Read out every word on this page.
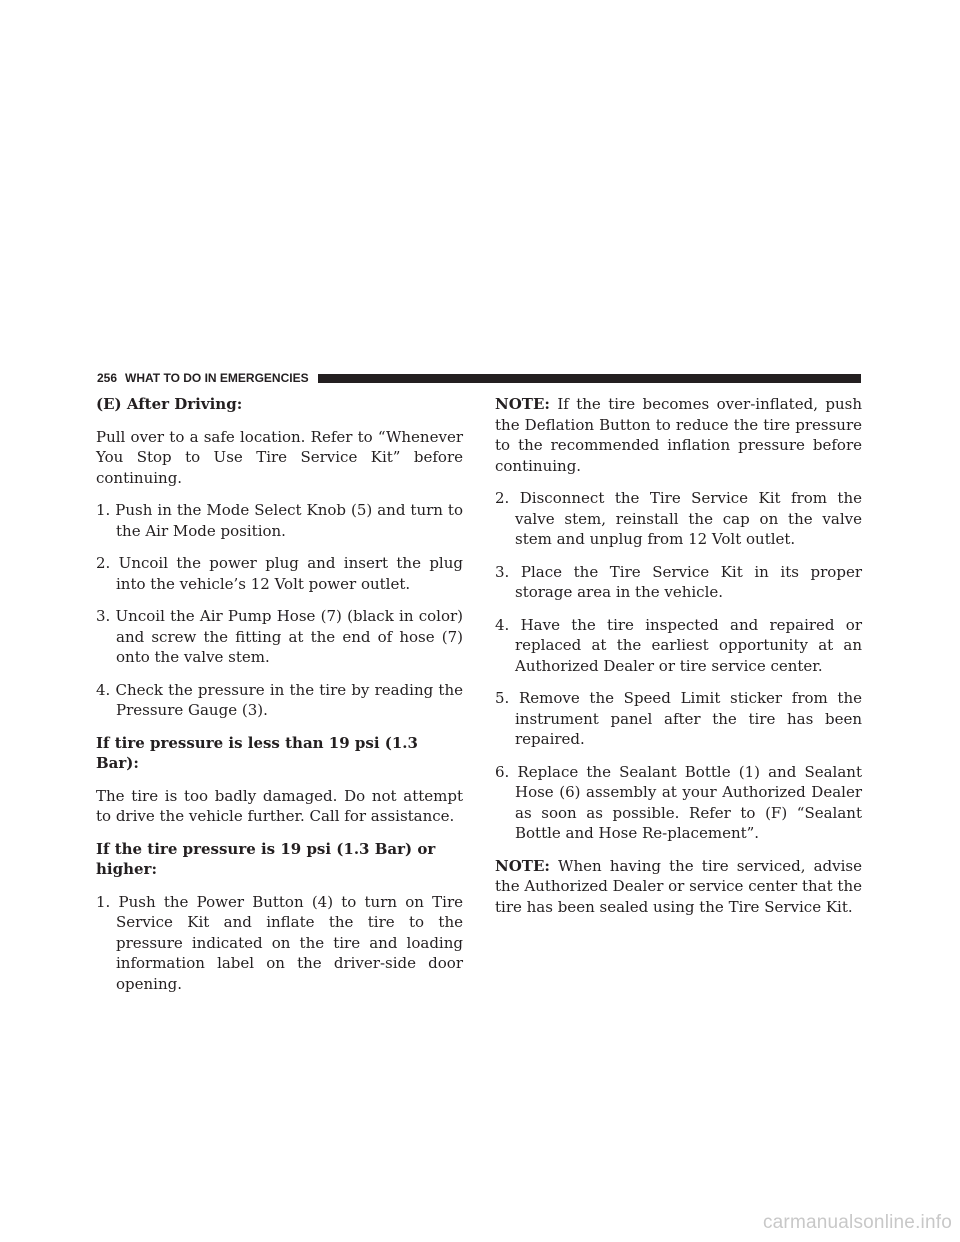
256 WHAT TO DO IN EMERGENCIES

(E) After Driving:

Pull over to a safe location. Refer to “Whenever You Stop to Use Tire Service Kit” before continuing.

1. Push in the Mode Select Knob (5) and turn to the Air Mode position.
2. Uncoil the power plug and insert the plug into the vehicle’s 12 Volt power outlet.
3. Uncoil the Air Pump Hose (7) (black in color) and screw the fitting at the end of hose (7) onto the valve stem.
4. Check the pressure in the tire by reading the Pressure Gauge (3).

If tire pressure is less than 19 psi (1.3 Bar):

The tire is too badly damaged. Do not attempt to drive the vehicle further. Call for assistance.

If the tire pressure is 19 psi (1.3 Bar) or higher:

1. Push the Power Button (4) to turn on Tire Service Kit and inflate the tire to the pressure indicated on the tire and loading information label on the driver-side door opening.

NOTE: If the tire becomes over-inflated, push the Deflation Button to reduce the tire pressure to the recommended inflation pressure before continuing.

2. Disconnect the Tire Service Kit from the valve stem, reinstall the cap on the valve stem and unplug from 12 Volt outlet.
3. Place the Tire Service Kit in its proper storage area in the vehicle.
4. Have the tire inspected and repaired or replaced at the earliest opportunity at an Authorized Dealer or tire service center.
5. Remove the Speed Limit sticker from the instrument panel after the tire has been repaired.
6. Replace the Sealant Bottle (1) and Sealant Hose (6) assembly at your Authorized Dealer as soon as possible. Refer to (F) “Sealant Bottle and Hose Re-placement”.

NOTE: When having the tire serviced, advise the Authorized Dealer or service center that the tire has been sealed using the Tire Service Kit.

carmanualsonline.info
